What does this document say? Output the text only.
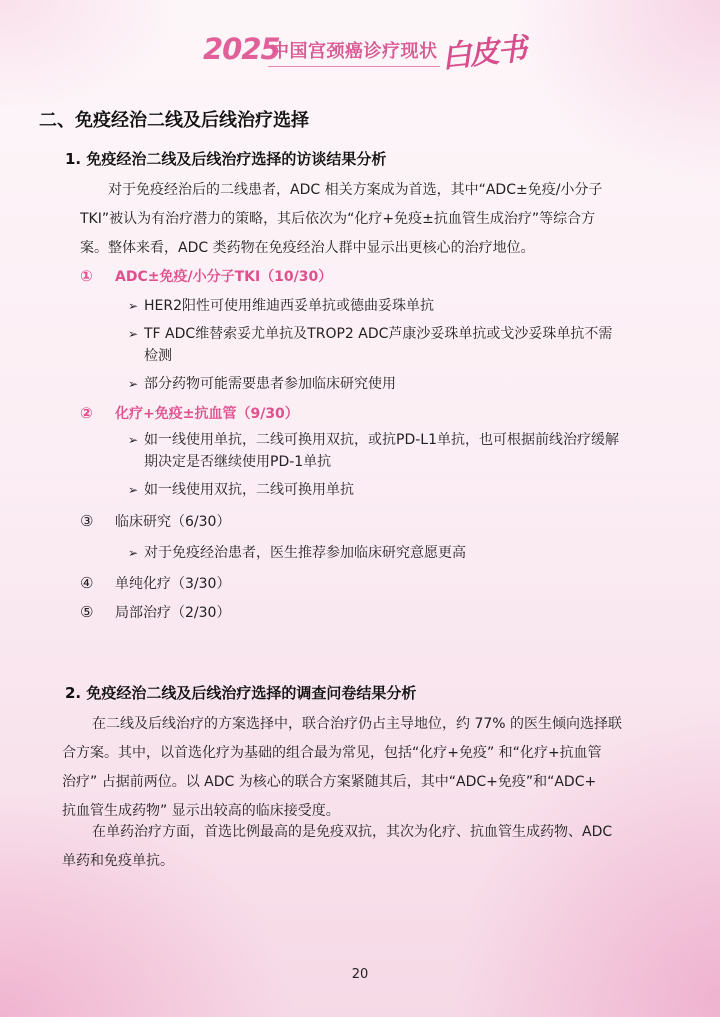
2025
中国宫颈癌诊疗现状 白皮书
二、免疫经治二线及后线治疗选择
1. 免疫经治二线及后线治疗选择的访谈结果分析
对于免疫经治后的二线患者，ADC 相关方案成为首选，其中“ADC±免疫/小分子
TKI”被认为有治疗潜力的策略，其后依次为“化疗+免疫±抗血管生成治疗”等综合方
案。整体来看，ADC 类药物在免疫经治人群中显示出更核心的治疗地位。
①	ADC±免疫/小分子TKI（10/30）
➢ HER2阳性可使用维迪西妥单抗或德曲妥珠单抗
➢ TF ADC维替索妥尤单抗及TROP2 ADC芦康沙妥珠单抗或戈沙妥珠单抗不需
检测
➢ 部分药物可能需要患者参加临床研究使用
②	化疗+免疫±抗血管（9/30）
➢ 如一线使用单抗，二线可换用双抗，或抗PD-L1单抗，也可根据前线治疗缓解
期决定是否继续使用PD-1单抗
➢ 如一线使用双抗，二线可换用单抗
③	临床研究（6/30）
➢ 对于免疫经治患者，医生推荐参加临床研究意愿更高
④	单纯化疗（3/30）
⑤	局部治疗（2/30）
2. 免疫经治二线及后线治疗选择的调查问卷结果分析
在二线及后线治疗的方案选择中，联合治疗仍占主导地位，约 77% 的医生倾向选择联
合方案。其中，以首选化疗为基础的组合最为常见，包括“化疗+免疫” 和“化疗+抗血管
治疗” 占据前两位。以 ADC 为核心的联合方案紧随其后，其中“ADC+免疫”和“ADC+
抗血管生成药物” 显示出较高的临床接受度。
在单药治疗方面，首选比例最高的是免疫双抗，其次为化疗、抗血管生成药物、ADC
单药和免疫单抗。
20
